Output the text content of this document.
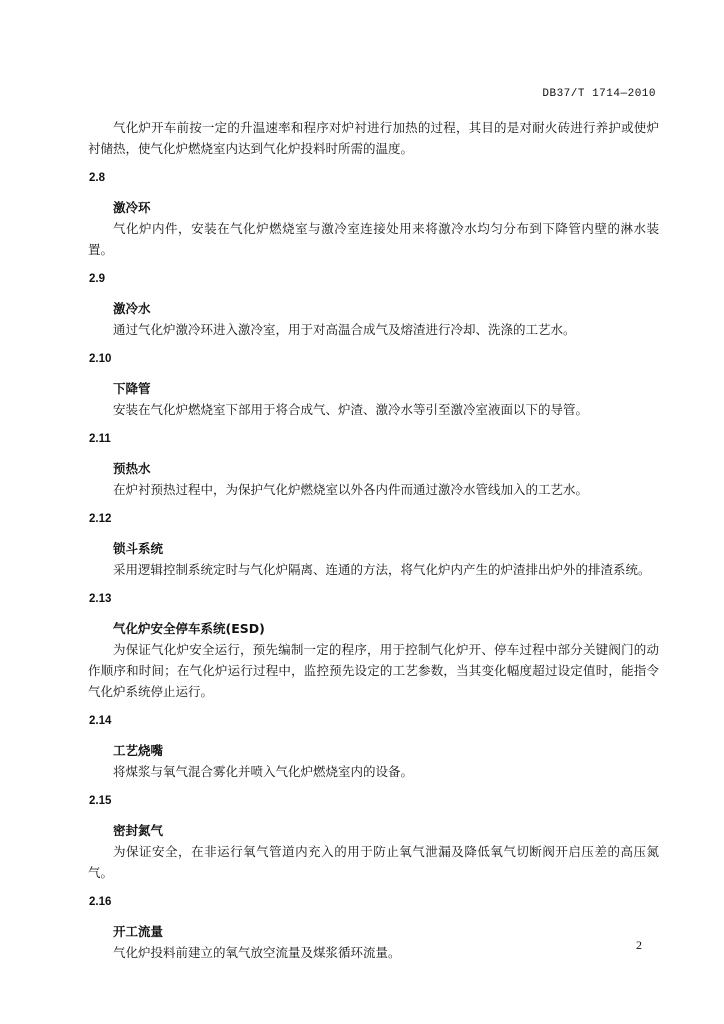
DB37/T 1714—2010

气化炉开车前按一定的升温速率和程序对炉衬进行加热的过程，其目的是对耐火砖进行养护或使炉衬储热，使气化炉燃烧室内达到气化炉投料时所需的温度。

2.8

激冷环

气化炉内件，安装在气化炉燃烧室与激冷室连接处用来将激冷水均匀分布到下降管内壁的淋水装置。

2.9

激冷水

通过气化炉激冷环进入激冷室，用于对高温合成气及熔渣进行冷却、洗涤的工艺水。

2.10

下降管

安装在气化炉燃烧室下部用于将合成气、炉渣、激冷水等引至激冷室液面以下的导管。

2.11

预热水

在炉衬预热过程中，为保护气化炉燃烧室以外各内件而通过激冷水管线加入的工艺水。

2.12

锁斗系统

采用逻辑控制系统定时与气化炉隔离、连通的方法，将气化炉内产生的炉渣排出炉外的排渣系统。

2.13

气化炉安全停车系统(ESD)

为保证气化炉安全运行，预先编制一定的程序，用于控制气化炉开、停车过程中部分关键阀门的动作顺序和时间；在气化炉运行过程中，监控预先设定的工艺参数，当其变化幅度超过设定值时，能指令气化炉系统停止运行。

2.14

工艺烧嘴

将煤浆与氧气混合雾化并喷入气化炉燃烧室内的设备。

2.15

密封氮气

为保证安全，在非运行氧气管道内充入的用于防止氧气泄漏及降低氧气切断阀开启压差的高压氮气。

2.16

开工流量

气化炉投料前建立的氧气放空流量及煤浆循环流量。	2
